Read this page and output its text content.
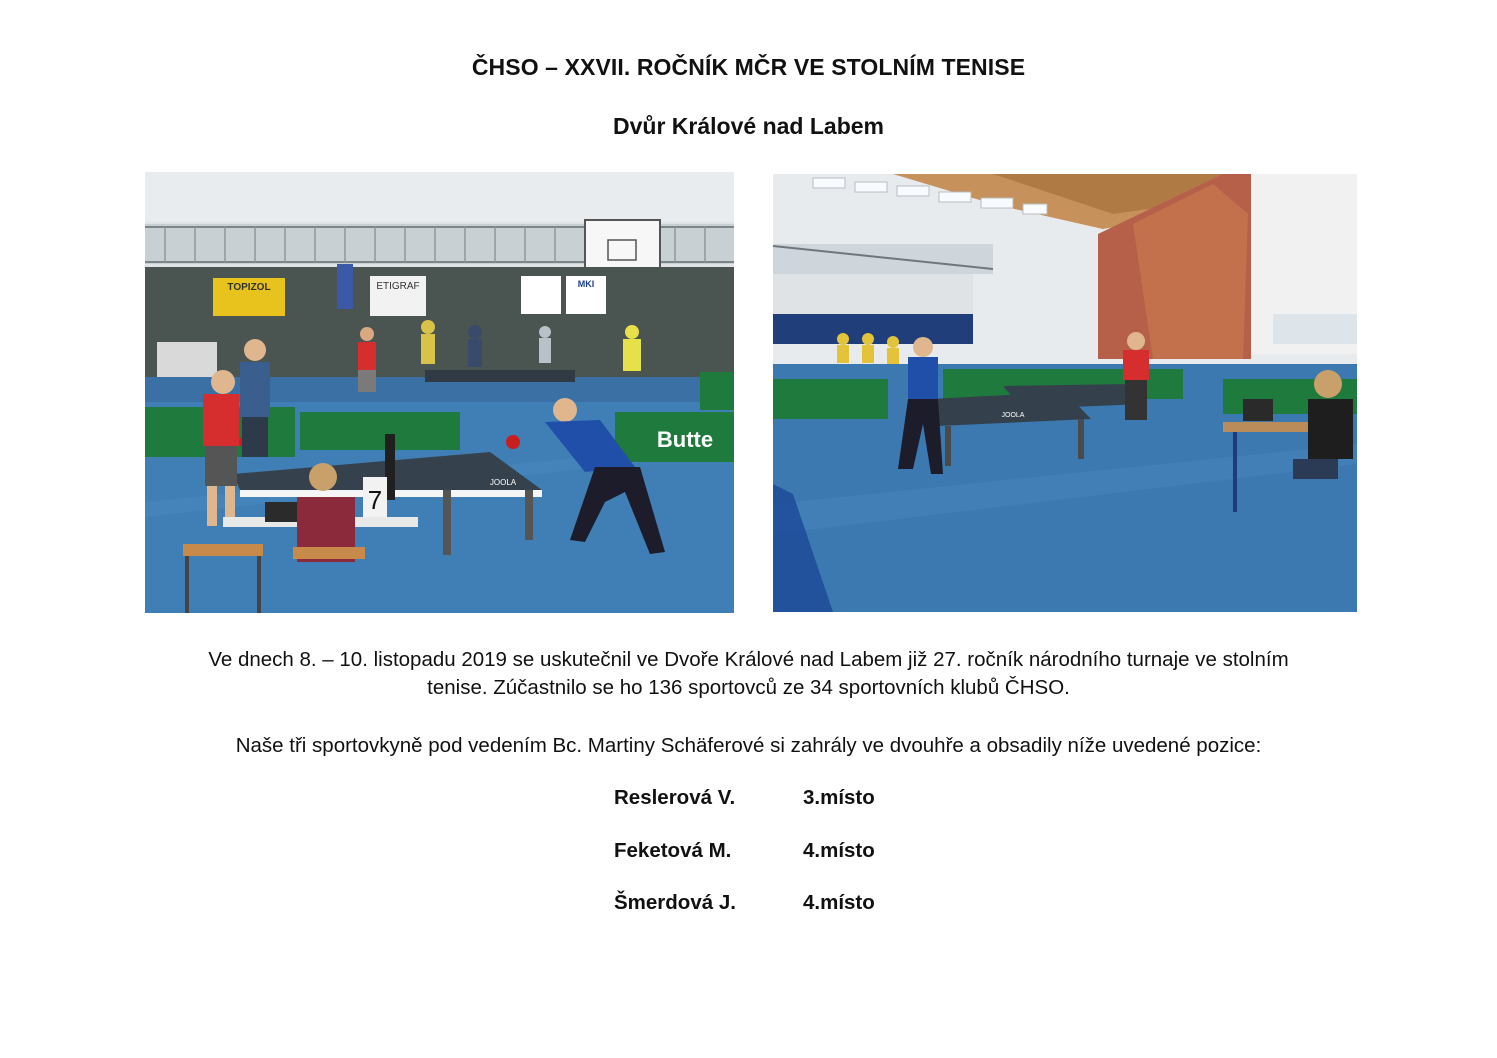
ČHSO – XXVII. ROČNÍK MČR VE STOLNÍM TENISE
Dvůr Králové nad Labem
TOPIZOL	ETIGRAF	MKI
Butte
JOOLA
7
JOOLA
Ve dnech 8. – 10. listopadu 2019 se uskutečnil ve Dvoře Králové nad Labem již 27. ročník národního turnaje ve stolním
tenise. Zúčastnilo se ho 136 sportovců ze 34 sportovních klubů ČHSO.
Naše tři sportovkyně pod vedením Bc. Martiny Schäferové si zahrály ve dvouhře a obsadily níže uvedené pozice:
Reslerová V.	3.místo
Feketová M.	4.místo
Šmerdová J.	4.místo
